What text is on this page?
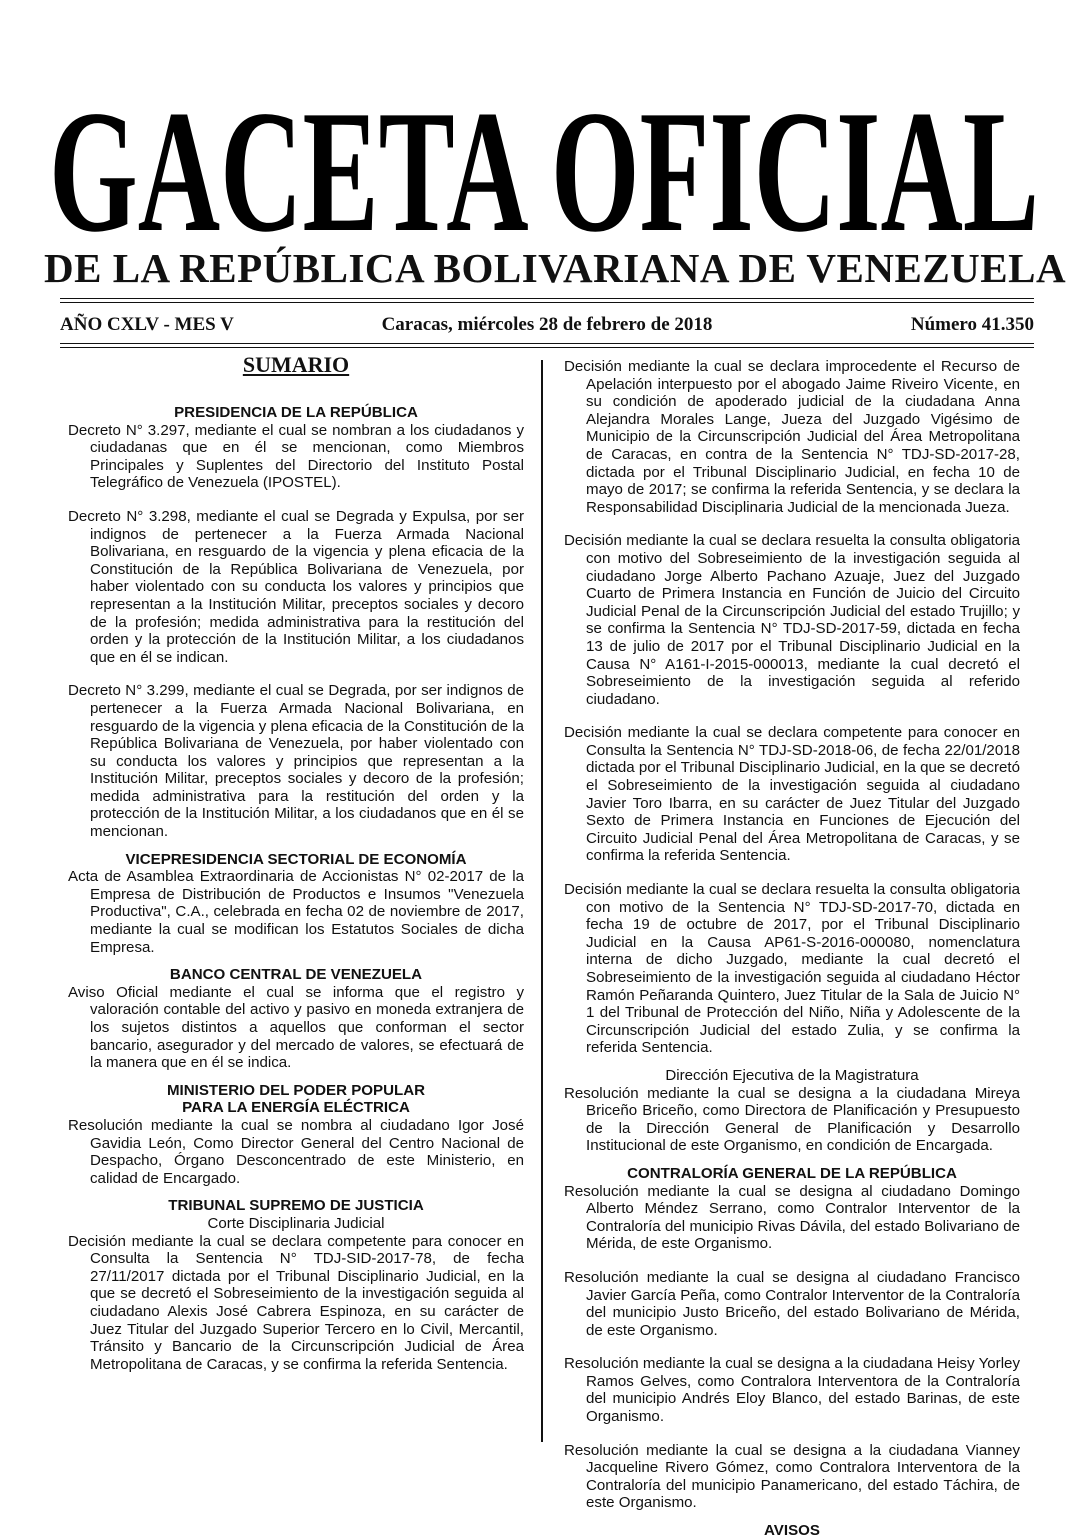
GACETA OFICIAL
DE LA REPÚBLICA BOLIVARIANA DE VENEZUELA
AÑO CXLV - MES V	Caracas, miércoles 28 de febrero de 2018	Número 41.350

SUMARIO

PRESIDENCIA DE LA REPÚBLICA

Decreto N° 3.297, mediante el cual se nombran a los ciudadanos y ciudadanas que en él se mencionan, como Miembros Principales y Suplentes del Directorio del Instituto Postal Telegráfico de Venezuela (IPOSTEL).

Decreto N° 3.298, mediante el cual se Degrada y Expulsa, por ser indignos de pertenecer a la Fuerza Armada Nacional Bolivariana, en resguardo de la vigencia y plena eficacia de la Constitución de la República Bolivariana de Venezuela, por haber violentado con su conducta los valores y principios que representan a la Institución Militar, preceptos sociales y decoro de la profesión; medida administrativa para la restitución del orden y la protección de la Institución Militar, a los ciudadanos que en él se indican.

Decreto N° 3.299, mediante el cual se Degrada, por ser indignos de pertenecer a la Fuerza Armada Nacional Bolivariana, en resguardo de la vigencia y plena eficacia de la Constitución de la República Bolivariana de Venezuela, por haber violentado con su conducta los valores y principios que representan a la Institución Militar, preceptos sociales y decoro de la profesión; medida administrativa para la restitución del orden y la protección de la Institución Militar, a los ciudadanos que en él se mencionan.

VICEPRESIDENCIA SECTORIAL DE ECONOMÍA

Acta de Asamblea Extraordinaria de Accionistas N° 02-2017 de la Empresa de Distribución de Productos e Insumos "Venezuela Productiva", C.A., celebrada en fecha 02 de noviembre de 2017, mediante la cual se modifican los Estatutos Sociales de dicha Empresa.

BANCO CENTRAL DE VENEZUELA

Aviso Oficial mediante el cual se informa que el registro y valoración contable del activo y pasivo en moneda extranjera de los sujetos distintos a aquellos que conforman el sector bancario, asegurador y del mercado de valores, se efectuará de la manera que en él se indica.

MINISTERIO DEL PODER POPULAR

PARA LA ENERGÍA ELÉCTRICA

Resolución mediante la cual se nombra al ciudadano Igor José Gavidia León, Como Director General del Centro Nacional de Despacho, Órgano Desconcentrado de este Ministerio, en calidad de Encargado.

TRIBUNAL SUPREMO DE JUSTICIA

Corte Disciplinaria Judicial

Decisión mediante la cual se declara competente para conocer en Consulta la Sentencia N° TDJ-SID-2017-78, de fecha 27/11/2017 dictada por el Tribunal Disciplinario Judicial, en la que se decretó el Sobreseimiento de la investigación seguida al ciudadano Alexis José Cabrera Espinoza, en su carácter de Juez Titular del Juzgado Superior Tercero en lo Civil, Mercantil, Tránsito y Bancario de la Circunscripción Judicial de Área Metropolitana de Caracas, y se confirma la referida Sentencia.

Decisión mediante la cual se declara improcedente el Recurso de Apelación interpuesto por el abogado Jaime Riveiro Vicente, en su condición de apoderado judicial de la ciudadana Anna Alejandra Morales Lange, Jueza del Juzgado Vigésimo de Municipio de la Circunscripción Judicial del Área Metropolitana de Caracas, en contra de la Sentencia N° TDJ-SD-2017-28, dictada por el Tribunal Disciplinario Judicial, en fecha 10 de mayo de 2017; se confirma la referida Sentencia, y se declara la Responsabilidad Disciplinaria Judicial de la mencionada Jueza.

Decisión mediante la cual se declara resuelta la consulta obligatoria con motivo del Sobreseimiento de la investigación seguida al ciudadano Jorge Alberto Pachano Azuaje, Juez del Juzgado Cuarto de Primera Instancia en Función de Juicio del Circuito Judicial Penal de la Circunscripción Judicial del estado Trujillo; y se confirma la Sentencia N° TDJ-SD-2017-59, dictada en fecha 13 de julio de 2017 por el Tribunal Disciplinario Judicial en la Causa N° A161-I-2015-000013, mediante la cual decretó el Sobreseimiento de la investigación seguida al referido ciudadano.

Decisión mediante la cual se declara competente para conocer en Consulta la Sentencia N° TDJ-SD-2018-06, de fecha 22/01/2018 dictada por el Tribunal Disciplinario Judicial, en la que se decretó el Sobreseimiento de la investigación seguida al ciudadano Javier Toro Ibarra, en su carácter de Juez Titular del Juzgado Sexto de Primera Instancia en Funciones de Ejecución del Circuito Judicial Penal del Área Metropolitana de Caracas, y se confirma la referida Sentencia.

Decisión mediante la cual se declara resuelta la consulta obligatoria con motivo de la Sentencia N° TDJ-SD-2017-70, dictada en fecha 19 de octubre de 2017, por el Tribunal Disciplinario Judicial en la Causa AP61-S-2016-000080, nomenclatura interna de dicho Juzgado, mediante la cual decretó el Sobreseimiento de la investigación seguida al ciudadano Héctor Ramón Peñaranda Quintero, Juez Titular de la Sala de Juicio N° 1 del Tribunal de Protección del Niño, Niña y Adolescente de la Circunscripción Judicial del estado Zulia, y se confirma la referida Sentencia.

Dirección Ejecutiva de la Magistratura

Resolución mediante la cual se designa a la ciudadana Mireya Briceño Briceño, como Directora de Planificación y Presupuesto de la Dirección General de Planificación y Desarrollo Institucional de este Organismo, en condición de Encargada.

CONTRALORÍA GENERAL DE LA REPÚBLICA

Resolución mediante la cual se designa al ciudadano Domingo Alberto Méndez Serrano, como Contralor Interventor de la Contraloría del municipio Rivas Dávila, del estado Bolivariano de Mérida, de este Organismo.

Resolución mediante la cual se designa al ciudadano Francisco Javier García Peña, como Contralor Interventor de la Contraloría del municipio Justo Briceño, del estado Bolivariano de Mérida, de este Organismo.

Resolución mediante la cual se designa a la ciudadana Heisy Yorley Ramos Gelves, como Contralora Interventora de la Contraloría del municipio Andrés Eloy Blanco, del estado Barinas, de este Organismo.

Resolución mediante la cual se designa a la ciudadana Vianney Jacqueline Rivero Gómez, como Contralora Interventora de la Contraloría del municipio Panamericano, del estado Táchira, de este Organismo.

AVISOS
